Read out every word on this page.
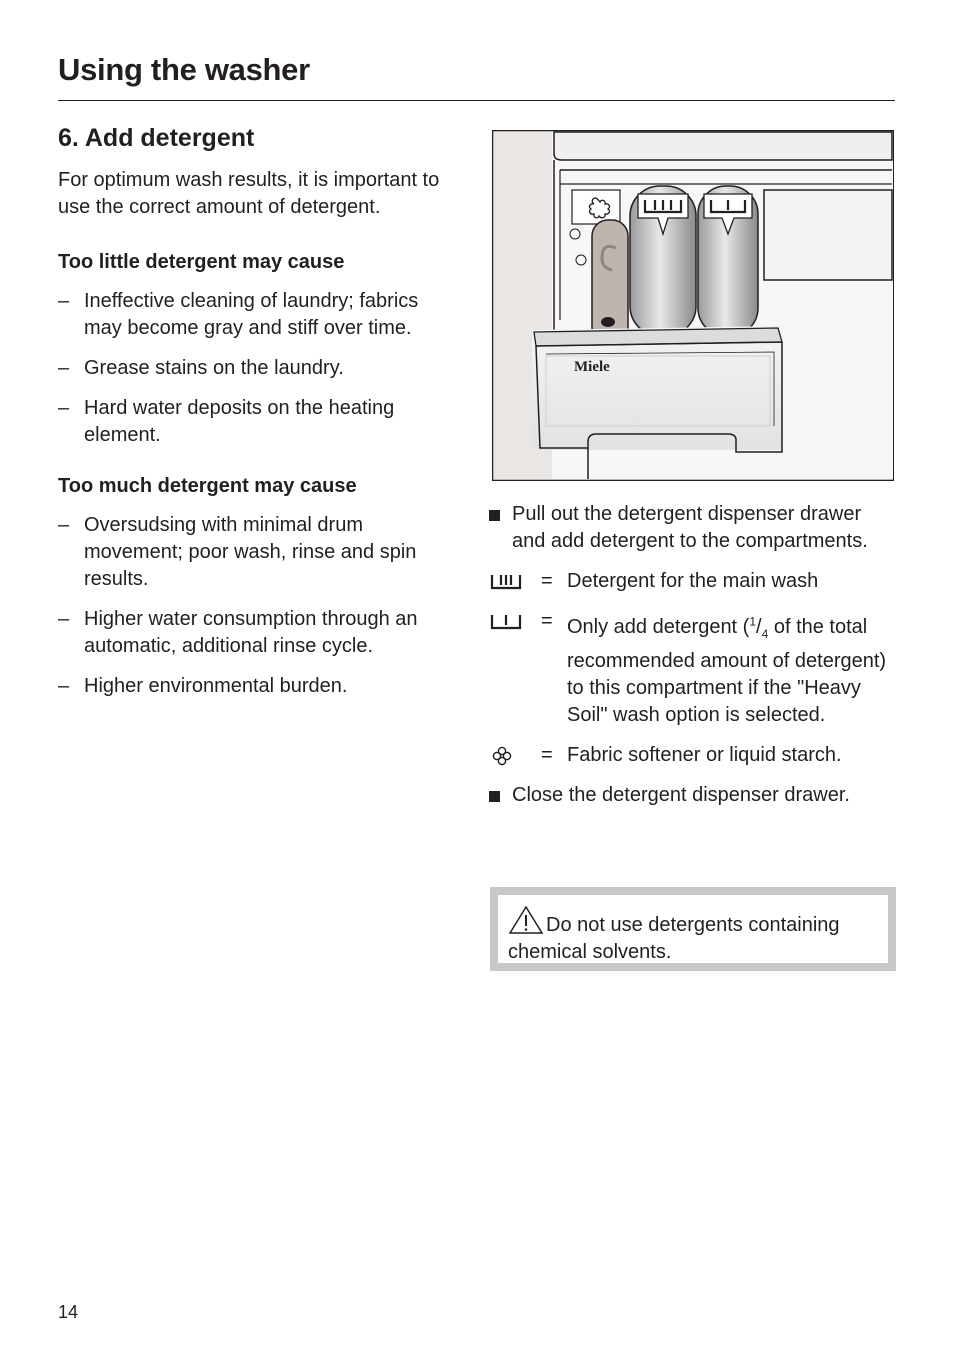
Using the washer
6. Add detergent

For optimum wash results, it is important to use the correct amount of detergent.

Too little detergent may cause
– Ineffective cleaning of laundry; fabrics may become gray and stiff over time.
– Grease stains on the laundry.
– Hard water deposits on the heating element.
Too much detergent may cause
– Oversudsing with minimal drum movement; poor wash, rinse and spin results.
– Higher water consumption through an automatic, additional rinse cycle.
– Higher environmental burden.
Miele
Pull out the detergent dispenser drawer and add detergent to the compartments.
= Detergent for the main wash
= Only add detergent ($^1/_4$ of the total recommended amount of detergent) to this compartment if the "Heavy Soil" wash option is selected.
= Fabric softener or liquid starch.
Close the detergent dispenser drawer.
Do not use detergents containing chemical solvents.
14
